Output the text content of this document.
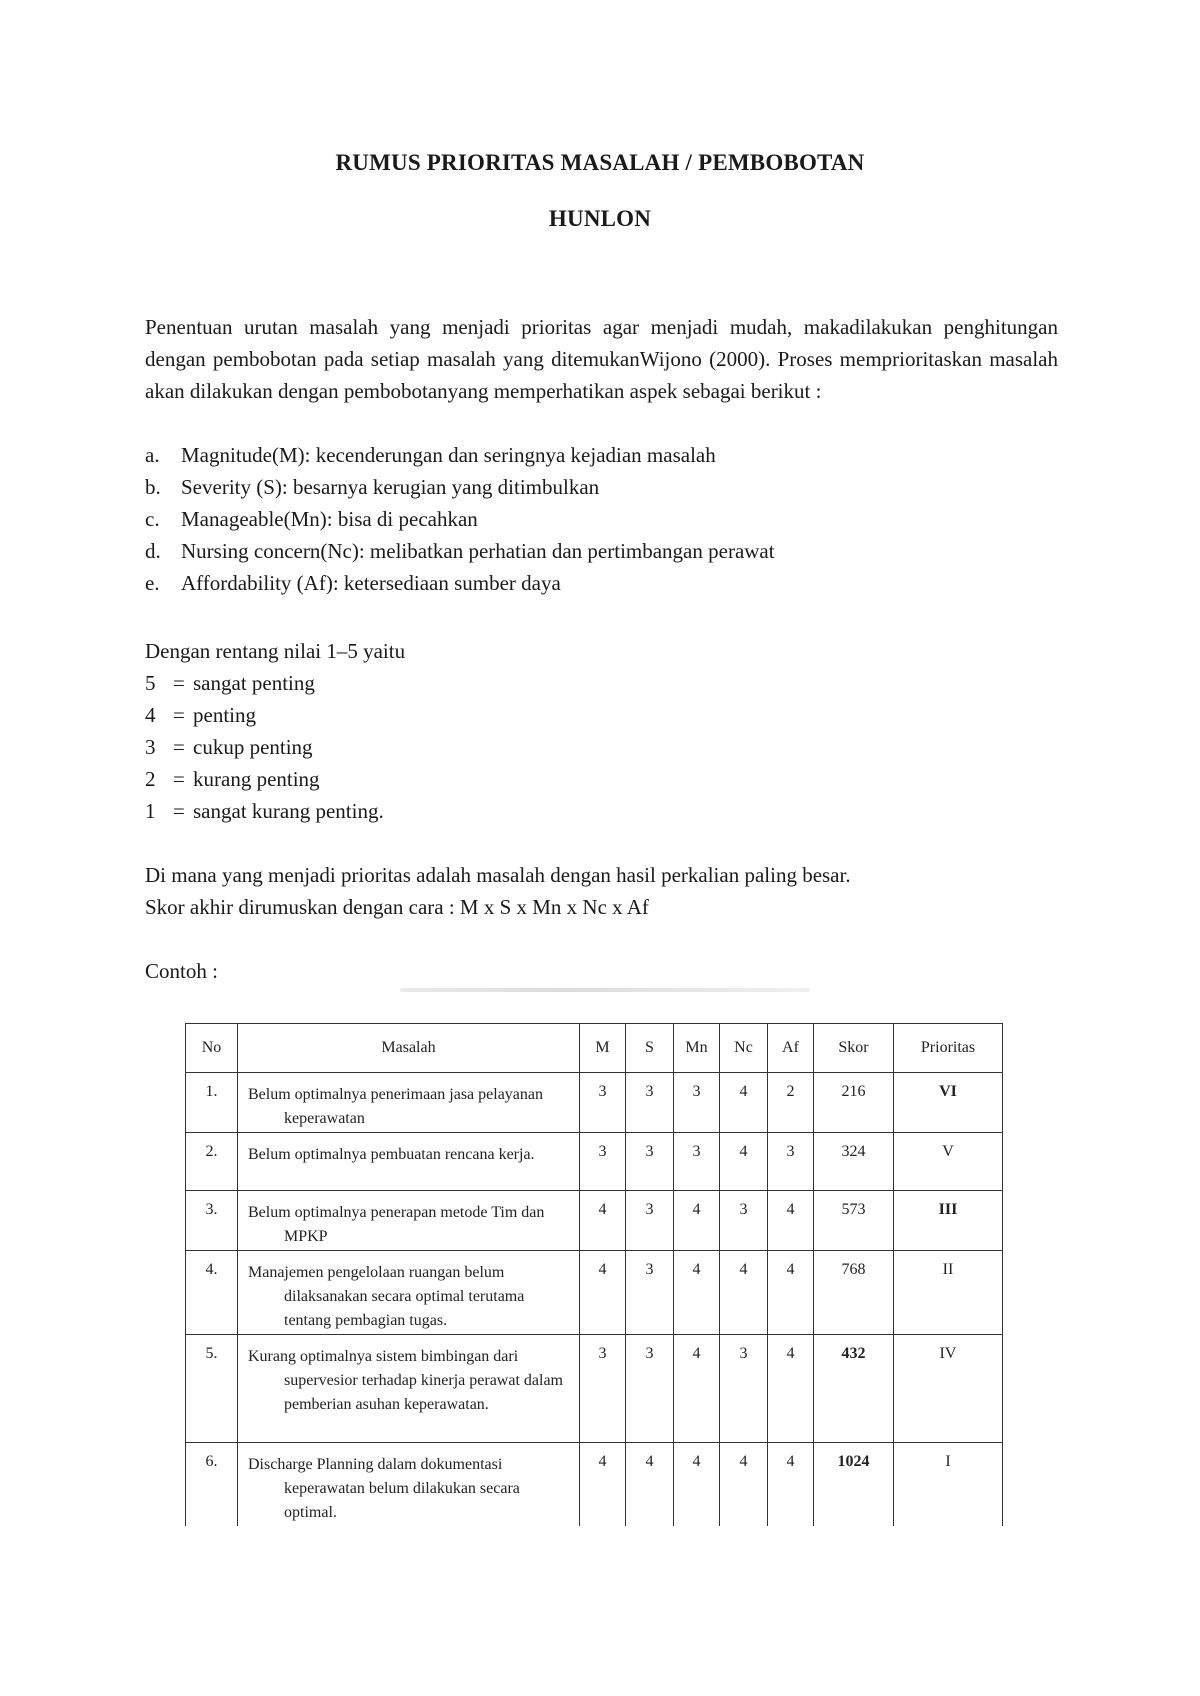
RUMUS PRIORITAS MASALAH / PEMBOBOTAN
HUNLON

Penentuan urutan masalah yang menjadi prioritas agar menjadi mudah, makadilakukan penghitungan dengan pembobotan pada setiap masalah yang ditemukanWijono (2000). Proses memprioritaskan masalah akan dilakukan dengan pembobotanyang memperhatikan aspek sebagai berikut :

a.	Magnitude(M): kecenderungan dan seringnya kejadian masalah
b. Severity (S): besarnya kerugian yang ditimbulkan
c.	Manageable(Mn): bisa di pecahkan
d. Nursing concern(Nc): melibatkan perhatian dan pertimbangan perawat
e.	Affordability (Af): ketersediaan sumber daya
Dengan rentang nilai 1–5 yaitu
5 = sangat penting
4 = penting
3 = cukup penting
2 = kurang penting
1 = sangat kurang penting.
Di mana yang menjadi prioritas adalah masalah dengan hasil perkalian paling besar.
Skor akhir dirumuskan dengan cara : M x S x Mn x Nc x Af
Contoh :
No	Masalah	M	S	Mn	Nc	Af	Skor	Prioritas
1.	Belum optimalnya penerimaan jasa pelayanan keperawatan	3	3	3	4	2	216	VI
2.	Belum optimalnya pembuatan rencana kerja.	3	3	3	4	3	324	V
3.	Belum optimalnya penerapan metode Tim dan MPKP	4	3	4	3	4	573	III
4.	Manajemen pengelolaan ruangan belum dilaksanakan secara optimal terutama tentang pembagian tugas.	4	3	4	4	4	768	II
5.	Kurang optimalnya sistem bimbingan dari supervesior terhadap kinerja perawat dalam pemberian asuhan keperawatan.	3	3	4	3	4	432	IV
6.	Discharge Planning dalam dokumentasi keperawatan belum dilakukan secara optimal.	4	4	4	4	4	1024	I
